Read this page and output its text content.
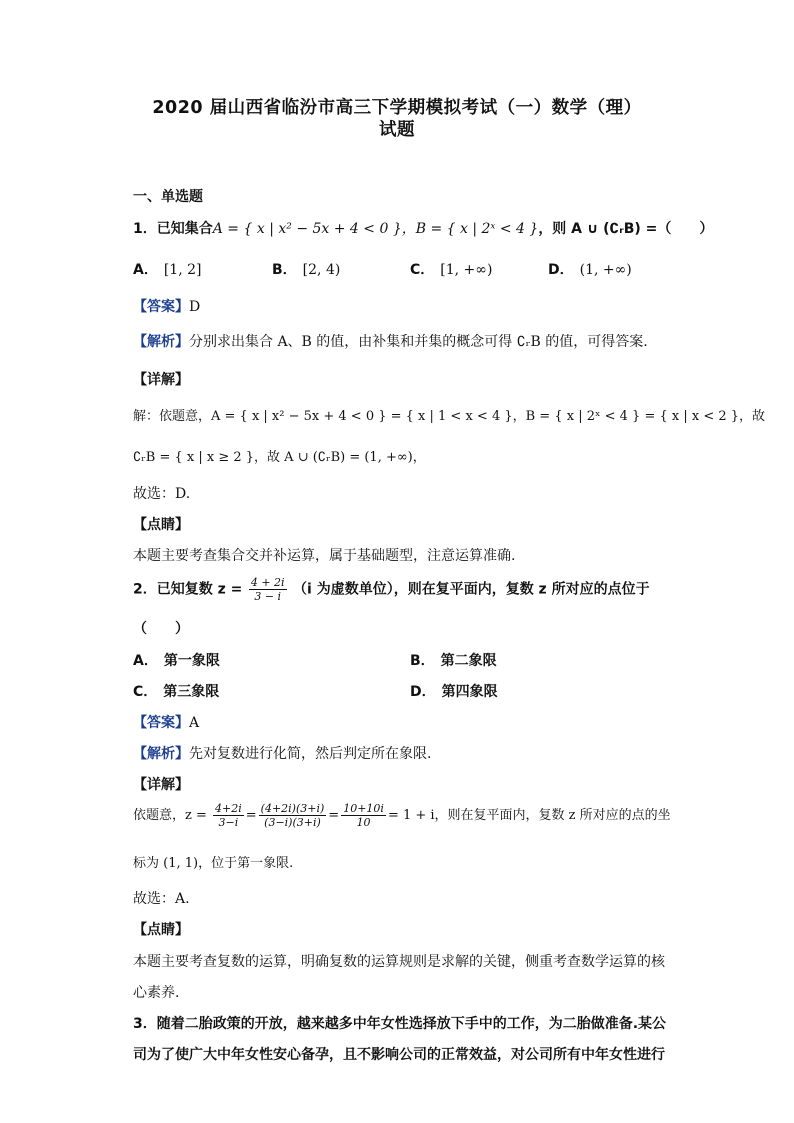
2020 届山西省临汾市高三下学期模拟考试（一）数学（理）
试题
一、单选题
1．已知集合A = { x | x² − 5x + 4 < 0 }，B = { x | 2ˣ < 4 }，则 A ∪ (∁ᵣB) =（　　）
A． [1, 2]	B． [2, 4)	C． [1, +∞)	D． (1, +∞)
【答案】D
【解析】分别求出集合 A、B 的值，由补集和并集的概念可得 ∁ᵣB 的值，可得答案.
【详解】
解：依题意，A = { x | x² − 5x + 4 < 0 } = { x | 1 < x < 4 }，B = { x | 2ˣ < 4 } = { x | x < 2 }，故
∁ᵣB = { x | x ≥ 2 }，故 A ∪ (∁ᵣB) = (1, +∞)，
故选：D.
【点睛】
本题主要考查集合交并补运算，属于基础题型，注意运算准确.
2．已知复数 $z = \frac{4 + 2i}{3 - i} (i$ 为虚数单位），则在复平面内，复数 z 所对应的点位于
（　　）
A． 第一象限	B． 第二象限
C． 第三象限	D． 第四象限
【答案】A
【解析】先对复数进行化简，然后判定所在象限.
【详解】
依题意，$z = \frac{4+2i}{3-i} = \frac{(4+2i)(3+i)}{(3-i)(3+i)} = \frac{10+10i}{10} = 1 + i$，则在复平面内，复数 z 所对应的点的坐
标为 (1, 1)，位于第一象限.
故选：A.
【点睛】
本题主要考查复数的运算，明确复数的运算规则是求解的关键，侧重考查数学运算的核
心素养.
3．随着二胎政策的开放，越来越多中年女性选择放下手中的工作，为二胎做准备.某公
司为了使广大中年女性安心备孕，且不影响公司的正常效益，对公司所有中年女性进行
